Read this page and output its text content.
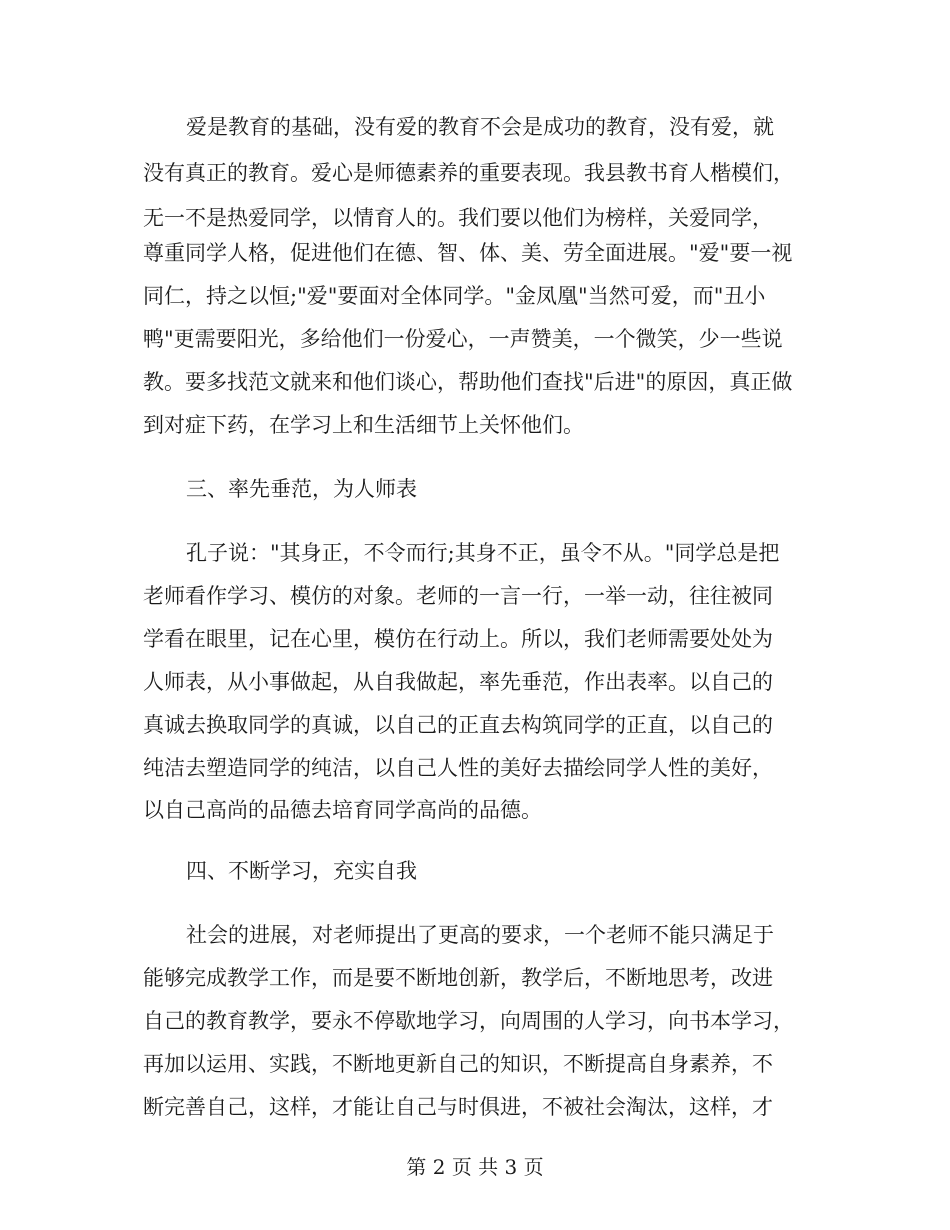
爱是教育的基础，没有爱的教育不会是成功的教育，没有爱，就
没有真正的教育。爱心是师德素养的重要表现。我县教书育人楷模们，
无一不是热爱同学，以情育人的。我们要以他们为榜样，关爱同学，
尊重同学人格，促进他们在德、智、体、美、劳全面进展。"爱"要一视
同仁，持之以恒;"爱"要面对全体同学。"金凤凰"当然可爱，而"丑小
鸭"更需要阳光，多给他们一份爱心，一声赞美，一个微笑，少一些说
教。要多找范文就来和他们谈心，帮助他们查找"后进"的原因，真正做
到对症下药，在学习上和生活细节上关怀他们。
三、率先垂范，为人师表
孔子说："其身正，不令而行;其身不正，虽令不从。"同学总是把
老师看作学习、模仿的对象。老师的一言一行，一举一动，往往被同
学看在眼里，记在心里，模仿在行动上。所以，我们老师需要处处为
人师表，从小事做起，从自我做起，率先垂范，作出表率。以自己的
真诚去换取同学的真诚，以自己的正直去构筑同学的正直，以自己的
纯洁去塑造同学的纯洁，以自己人性的美好去描绘同学人性的美好，
以自己高尚的品德去培育同学高尚的品德。
四、不断学习，充实自我
社会的进展，对老师提出了更高的要求，一个老师不能只满足于
能够完成教学工作，而是要不断地创新，教学后，不断地思考，改进
自己的教育教学，要永不停歇地学习，向周围的人学习，向书本学习，
再加以运用、实践，不断地更新自己的知识，不断提高自身素养，不
断完善自己，这样，才能让自己与时俱进，不被社会淘汰，这样，才
第 2 页 共 3 页
